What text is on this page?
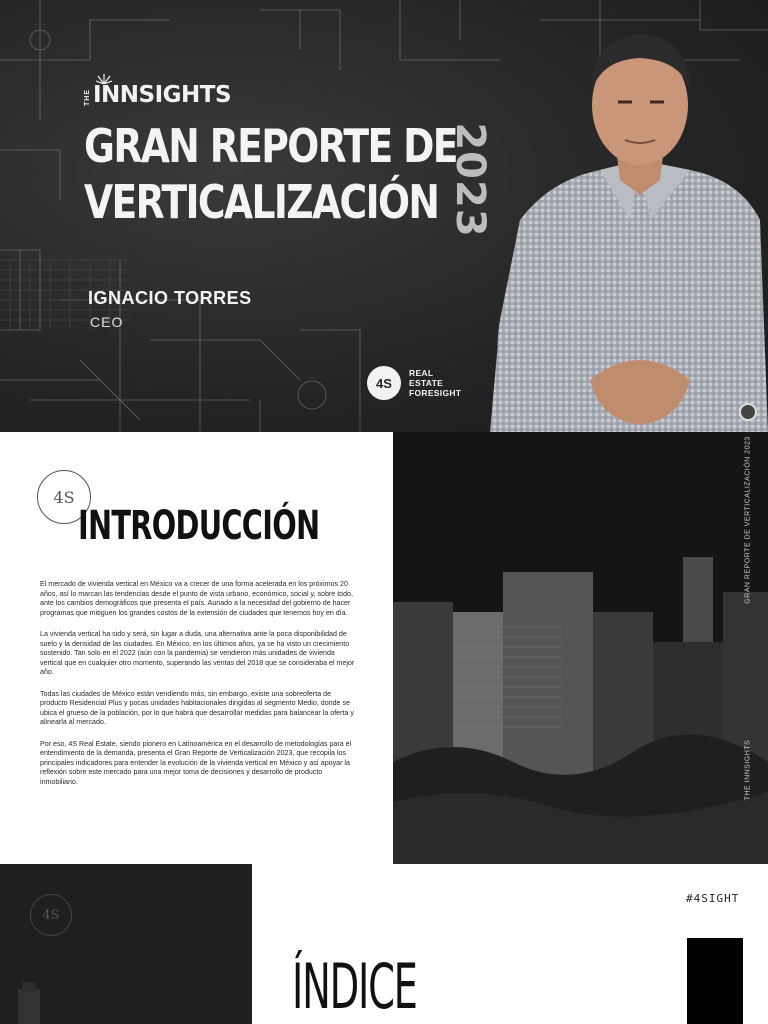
THE INNSIGHTS
GRAN REPORTE DE
VERTICALIZACIÓN 2023
IGNACIO TORRES
CEO
4S
REAL
ESTATE
FORESIGHT
4S
INTRODUCCIÓN

El mercado de vivienda vertical en México va a crecer de una forma acelerada en los próximos 20 años, así lo marcan las tendencias desde el punto de vista urbano, económico, social y, sobre todo, ante los cambios demográficos que presenta el país. Aunado a la necesidad del gobierno de hacer programas que mitiguen los grandes costos de la extensión de ciudades que tenemos hoy en día.

La vivienda vertical ha sido y será, sin lugar a duda, una alternativa ante la poca disponibilidad de suelo y la densidad de las ciudades. En México, en los últimos años, ya se ha visto un crecimiento sostenido. Tan solo en el 2022 (aún con la pandemia) se vendieron más unidades de vivienda vertical que en cualquier otro momento, superando las ventas del 2018 que se consideraba el mejor año.

Todas las ciudades de México están vendiendo más, sin embargo, existe una sobreoferta de producto Residencial Plus y pocas unidades habitacionales dirigidas al segmento Medio, donde se ubica el grueso de la población, por lo que habrá que desarrollar medidas para balancear la oferta y alinearla al mercado.

Por eso, 4S Real Estate, siendo pionero en Latinoamérica en el desarrollo de metodologías para el entendimiento de la demanda, presenta el Gran Reporte de Verticalización 2023, que recopila los principales indicadores para entender la evolución de la vivienda vertical en México y así apoyar la reflexión sobre este mercado para una mejor toma de decisiones y desarrollo de producto inmobiliario.

GRAN REPORTE DE VERTICALIZACIÓN 2023
THE INNSIGHTS
4S
#4SIGHT
ÍNDICE
